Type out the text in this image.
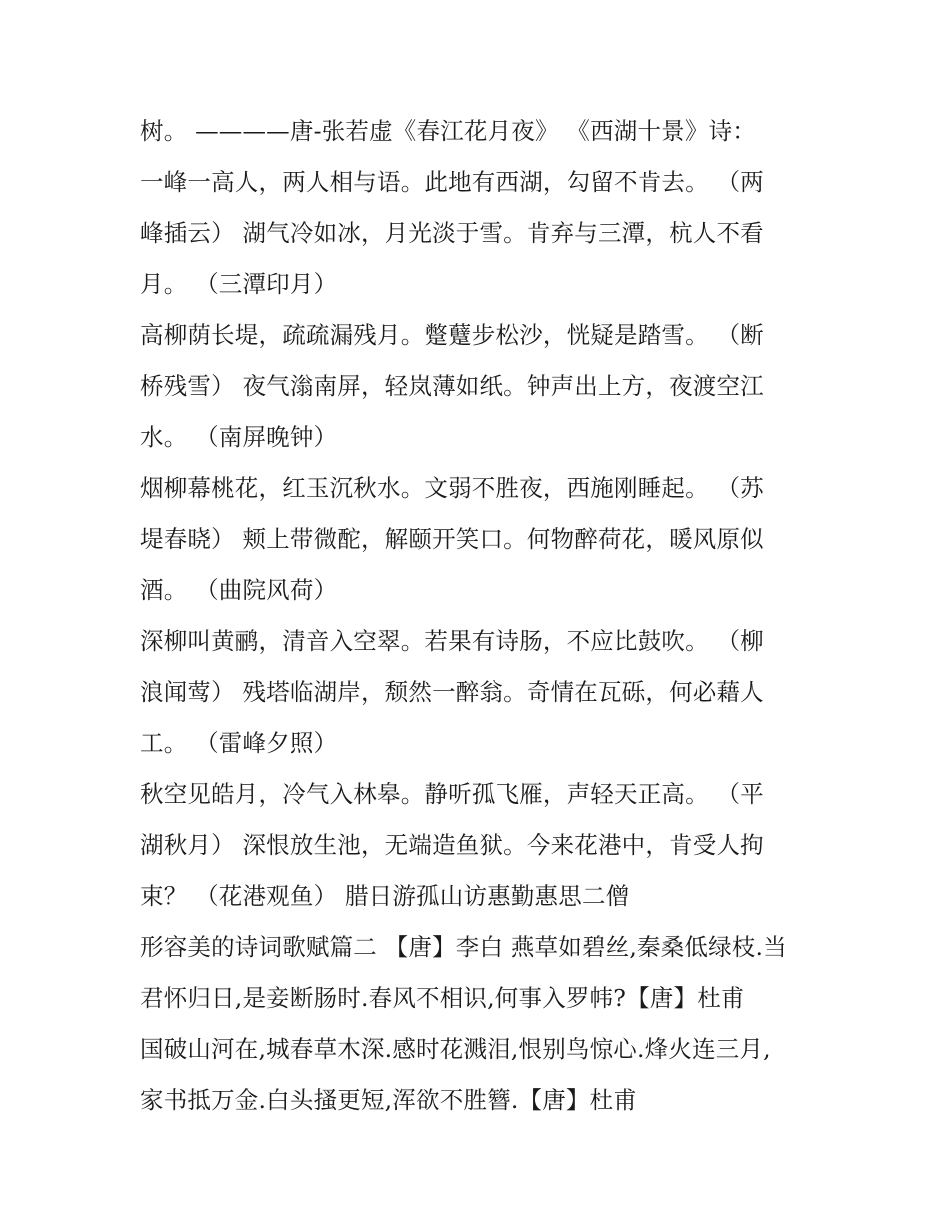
树。 ————唐-张若虚《春江花月夜》 《西湖十景》诗：
一峰一高人，两人相与语。此地有西湖，勾留不肯去。 （两
峰插云） 湖气冷如冰，月光淡于雪。肯弃与三潭，杭人不看
月。 （三潭印月）
高柳荫长堤，疏疏漏残月。蹩躠步松沙，恍疑是踏雪。 （断
桥残雪） 夜气滃南屏，轻岚薄如纸。钟声出上方，夜渡空江
水。 （南屏晚钟）
烟柳幕桃花，红玉沉秋水。文弱不胜夜，西施刚睡起。 （苏
堤春晓） 颊上带微酡，解颐开笑口。何物醉荷花，暖风原似
酒。 （曲院风荷）
深柳叫黄鹂，清音入空翠。若果有诗肠，不应比鼓吹。 （柳
浪闻莺） 残塔临湖岸，颓然一醉翁。奇情在瓦砾，何必藉人
工。 （雷峰夕照）
秋空见皓月，冷气入林皋。静听孤飞雁，声轻天正高。 （平
湖秋月） 深恨放生池，无端造鱼狱。今来花港中，肯受人拘
束？ （花港观鱼） 腊日游孤山访惠勤惠思二僧
形容美的诗词歌赋篇二 【唐】李白 燕草如碧丝,秦桑低绿枝.当
君怀归日,是妾断肠时.春风不相识,何事入罗帏?【唐】杜甫
国破山河在,城春草木深.感时花溅泪,恨别鸟惊心.烽火连三月,
家书抵万金.白头搔更短,浑欲不胜簪.【唐】杜甫
